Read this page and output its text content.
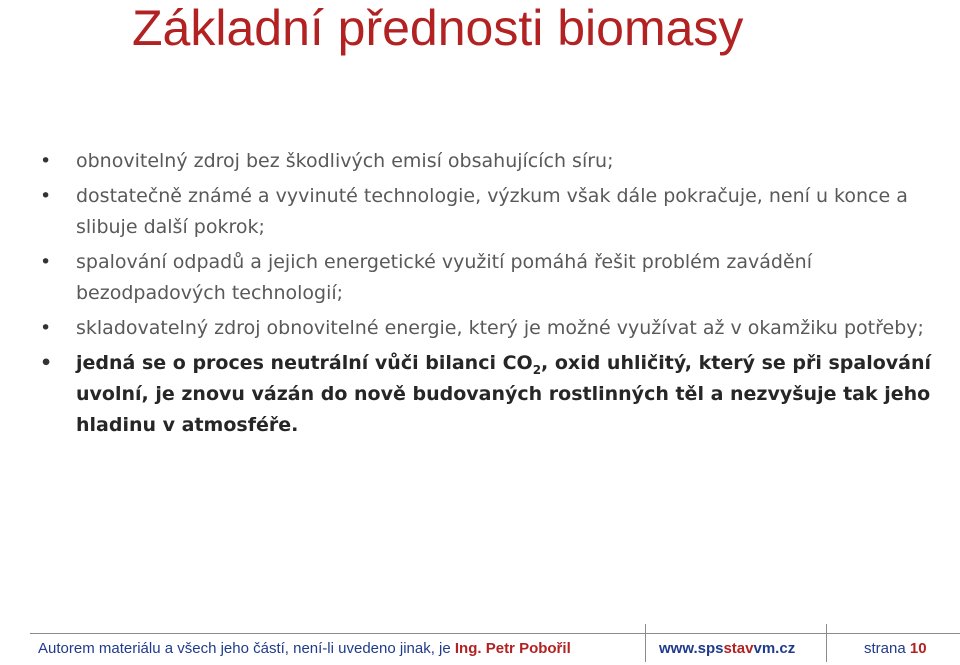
Základní přednosti biomasy
• obnovitelný zdroj bez škodlivých emisí obsahujících síru;
• dostatečně známé a vyvinuté technologie, výzkum však dále pokračuje, není u konce a slibuje další pokrok;
• spalování odpadů a jejich energetické využití pomáhá řešit problém zavádění bezodpadových technologií;
• skladovatelný zdroj obnovitelné energie, který je možné využívat až v okamžiku potřeby;
• jedná se o proces neutrální vůči bilanci $CO_2$, oxid uhličitý, který se při spalování uvolní, je znovu vázán do nově budovaných rostlinných těl a nezvyšuje tak jeho hladinu v atmosféře.
Autorem materiálu a všech jeho částí, není-li uvedeno jinak, je Ing. Petr Pobořil	www.spsstavvm.cz	strana 10
